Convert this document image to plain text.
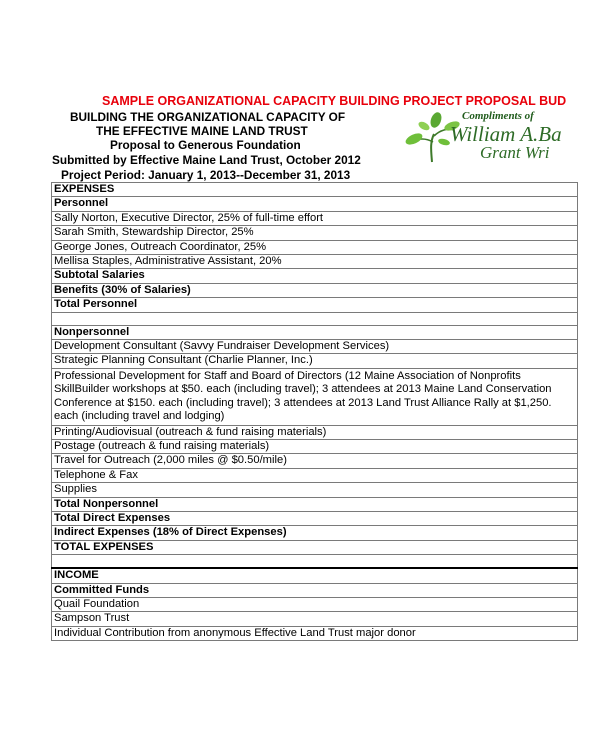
SAMPLE ORGANIZATIONAL CAPACITY BUILDING PROJECT PROPOSAL BUD
BUILDING THE ORGANIZATIONAL CAPACITY OF
THE EFFECTIVE MAINE LAND TRUST
Proposal to Generous Foundation
Submitted by Effective Maine Land Trust, October 2012
Project Period: January 1, 2013--December 31, 2013
Compliments of
William A.Ba
Grant Wri
EXPENSES
Personnel
Sally Norton, Executive Director, 25% of full-time effort
Sarah Smith, Stewardship Director, 25%
George Jones, Outreach Coordinator, 25%
Mellisa Staples, Administrative Assistant, 20%
Subtotal Salaries
Benefits (30% of Salaries)
Total Personnel

Nonpersonnel
Development Consultant (Savvy Fundraiser Development Services)
Strategic Planning Consultant (Charlie Planner, Inc.)
Professional Development for Staff and Board of Directors (12 Maine Association of Nonprofits SkillBuilder workshops at $50. each (including travel); 3 attendees at 2013 Maine Land Conservation Conference at $150. each (including travel); 3 attendees at 2013 Land Trust Alliance Rally at $1,250. each (including travel and lodging)
Printing/Audiovisual (outreach & fund raising materials)
Postage (outreach & fund raising materials)
Travel for Outreach (2,000 miles @ $0.50/mile)
Telephone & Fax
Supplies
Total Nonpersonnel
Total Direct Expenses
Indirect Expenses (18% of Direct Expenses)
TOTAL EXPENSES

INCOME
Committed Funds
Quail Foundation
Sampson Trust
Individual Contribution from anonymous Effective Land Trust major donor
